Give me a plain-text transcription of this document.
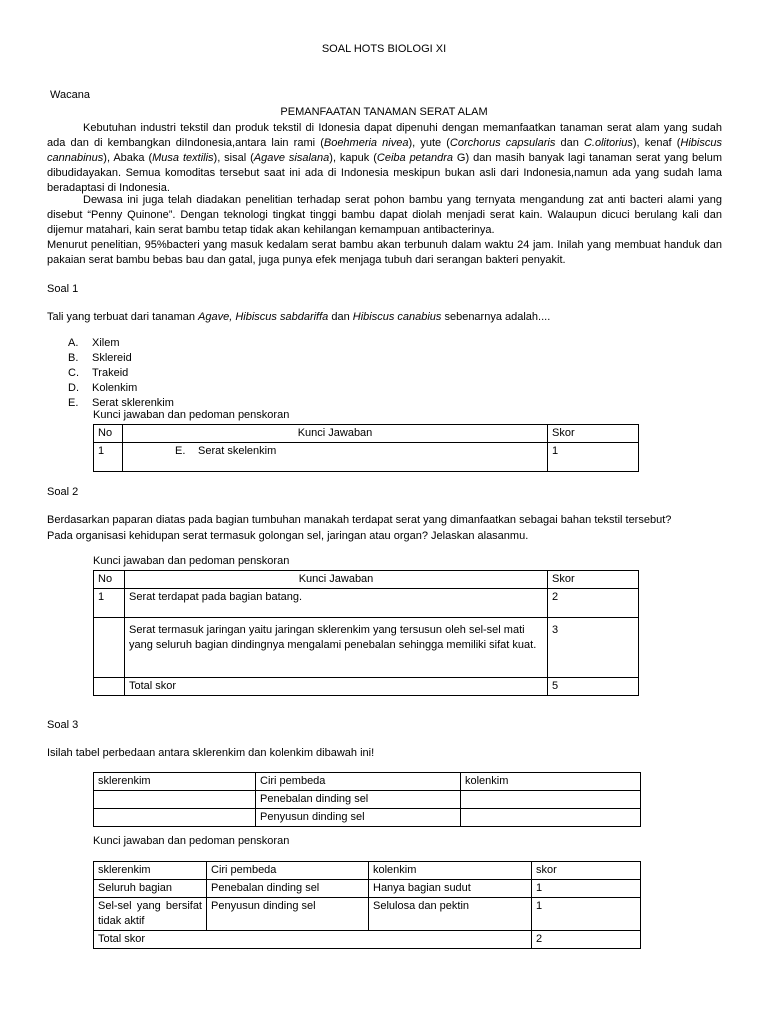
SOAL HOTS BIOLOGI XI
Wacana
PEMANFAATAN TANAMAN SERAT ALAM
Kebutuhan industri tekstil dan produk tekstil di Idonesia dapat dipenuhi dengan memanfaatkan tanaman serat alam yang sudah ada dan di kembangkan diIndonesia,antara lain rami (Boehmeria nivea), yute (Corchorus capsularis dan C.olitorius), kenaf (Hibiscus cannabinus), Abaka (Musa textilis), sisal (Agave sisalana), kapuk (Ceiba petandra G) dan masih banyak lagi tanaman serat yang belum dibudidayakan. Semua komoditas tersebut saat ini ada di Indonesia meskipun bukan asli dari Indonesia,namun ada yang sudah lama beradaptasi di Indonesia.
Dewasa ini juga telah diadakan penelitian terhadap serat pohon bambu yang ternyata mengandung zat anti bacteri alami yang disebut “Penny Quinone”. Dengan teknologi tingkat tinggi bambu dapat diolah menjadi serat kain. Walaupun dicuci berulang kali dan dijemur matahari, kain serat bambu tetap tidak akan kehilangan kemampuan antibacterinya.
Menurut penelitian, 95%bacteri yang masuk kedalam serat bambu akan terbunuh dalam waktu 24 jam. Inilah yang membuat handuk dan pakaian serat bambu bebas bau dan gatal, juga punya efek menjaga tubuh dari serangan bakteri penyakit.
Soal 1
Tali yang terbuat dari tanaman Agave, Hibiscus sabdariffa dan Hibiscus canabius sebenarnya adalah....
A. Xilem
B. Sklereid
C. Trakeid
D. Kolenkim
E. Serat sklerenkim
Kunci jawaban dan pedoman penskoran
No	Kunci Jawaban	Skor
1	E. Serat skelenkim	1
Soal 2
Berdasarkan paparan diatas pada bagian tumbuhan manakah terdapat serat yang dimanfaatkan sebagai bahan tekstil tersebut?
Pada organisasi kehidupan serat termasuk golongan sel, jaringan atau organ? Jelaskan alasanmu.
Kunci jawaban dan pedoman penskoran
No	Kunci Jawaban	Skor
1	Serat terdapat pada bagian batang.	2
	Serat termasuk jaringan yaitu jaringan sklerenkim yang tersusun oleh sel-sel mati yang seluruh bagian dindingnya mengalami penebalan sehingga memiliki sifat kuat.	3
	Total skor	5
Soal 3
Isilah tabel perbedaan antara sklerenkim dan kolenkim dibawah ini!
sklerenkim	Ciri pembeda	kolenkim
	Penebalan dinding sel	
	Penyusun dinding sel	
Kunci jawaban dan pedoman penskoran
sklerenkim	Ciri pembeda	kolenkim	skor
Seluruh bagian	Penebalan dinding sel	Hanya bagian sudut	1
Sel-sel yang bersifat tidak aktif	Penyusun dinding sel	Selulosa dan pektin	1
Total skor			2
